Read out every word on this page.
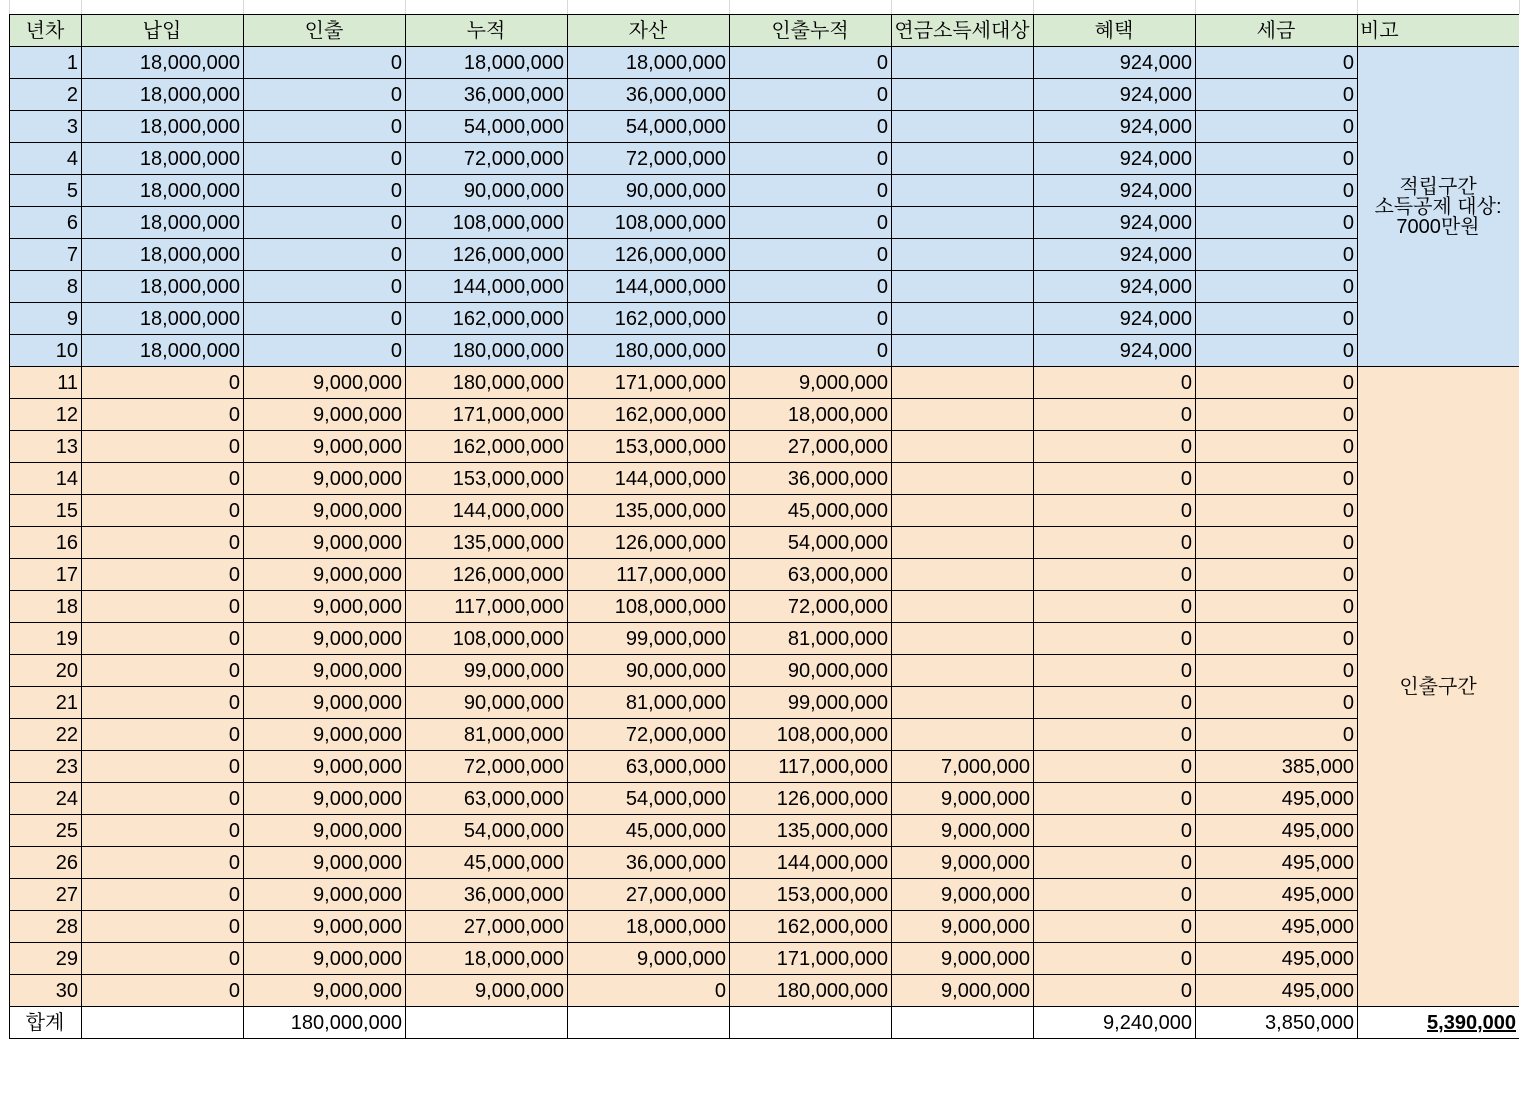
년차	납입	인출	누적	자산	인출누적	연금소득세대상	혜택	세금	비고
1	18,000,000	0	18,000,000	18,000,000	0		924,000	0	적립구간
소득공제 대상:
7000만원
2	18,000,000	0	36,000,000	36,000,000	0		924,000	0	
3	18,000,000	0	54,000,000	54,000,000	0		924,000	0	
4	18,000,000	0	72,000,000	72,000,000	0		924,000	0	
5	18,000,000	0	90,000,000	90,000,000	0		924,000	0	
6	18,000,000	0	108,000,000	108,000,000	0		924,000	0	
7	18,000,000	0	126,000,000	126,000,000	0		924,000	0	
8	18,000,000	0	144,000,000	144,000,000	0		924,000	0	
9	18,000,000	0	162,000,000	162,000,000	0		924,000	0	
10	18,000,000	0	180,000,000	180,000,000	0		924,000	0	
11	0	9,000,000	180,000,000	171,000,000	9,000,000		0	0	인출구간
12	0	9,000,000	171,000,000	162,000,000	18,000,000		0	0	
13	0	9,000,000	162,000,000	153,000,000	27,000,000		0	0	
14	0	9,000,000	153,000,000	144,000,000	36,000,000		0	0	
15	0	9,000,000	144,000,000	135,000,000	45,000,000		0	0	
16	0	9,000,000	135,000,000	126,000,000	54,000,000		0	0	
17	0	9,000,000	126,000,000	117,000,000	63,000,000		0	0	
18	0	9,000,000	117,000,000	108,000,000	72,000,000		0	0	
19	0	9,000,000	108,000,000	99,000,000	81,000,000		0	0	
20	0	9,000,000	99,000,000	90,000,000	90,000,000		0	0	
21	0	9,000,000	90,000,000	81,000,000	99,000,000		0	0	
22	0	9,000,000	81,000,000	72,000,000	108,000,000		0	0	
23	0	9,000,000	72,000,000	63,000,000	117,000,000	7,000,000	0	385,000	
24	0	9,000,000	63,000,000	54,000,000	126,000,000	9,000,000	0	495,000	
25	0	9,000,000	54,000,000	45,000,000	135,000,000	9,000,000	0	495,000	
26	0	9,000,000	45,000,000	36,000,000	144,000,000	9,000,000	0	495,000	
27	0	9,000,000	36,000,000	27,000,000	153,000,000	9,000,000	0	495,000	
28	0	9,000,000	27,000,000	18,000,000	162,000,000	9,000,000	0	495,000	
29	0	9,000,000	18,000,000	9,000,000	171,000,000	9,000,000	0	495,000	
30	0	9,000,000	9,000,000	0	180,000,000	9,000,000	0	495,000	
합계		180,000,000					9,240,000	3,850,000	5,390,000
